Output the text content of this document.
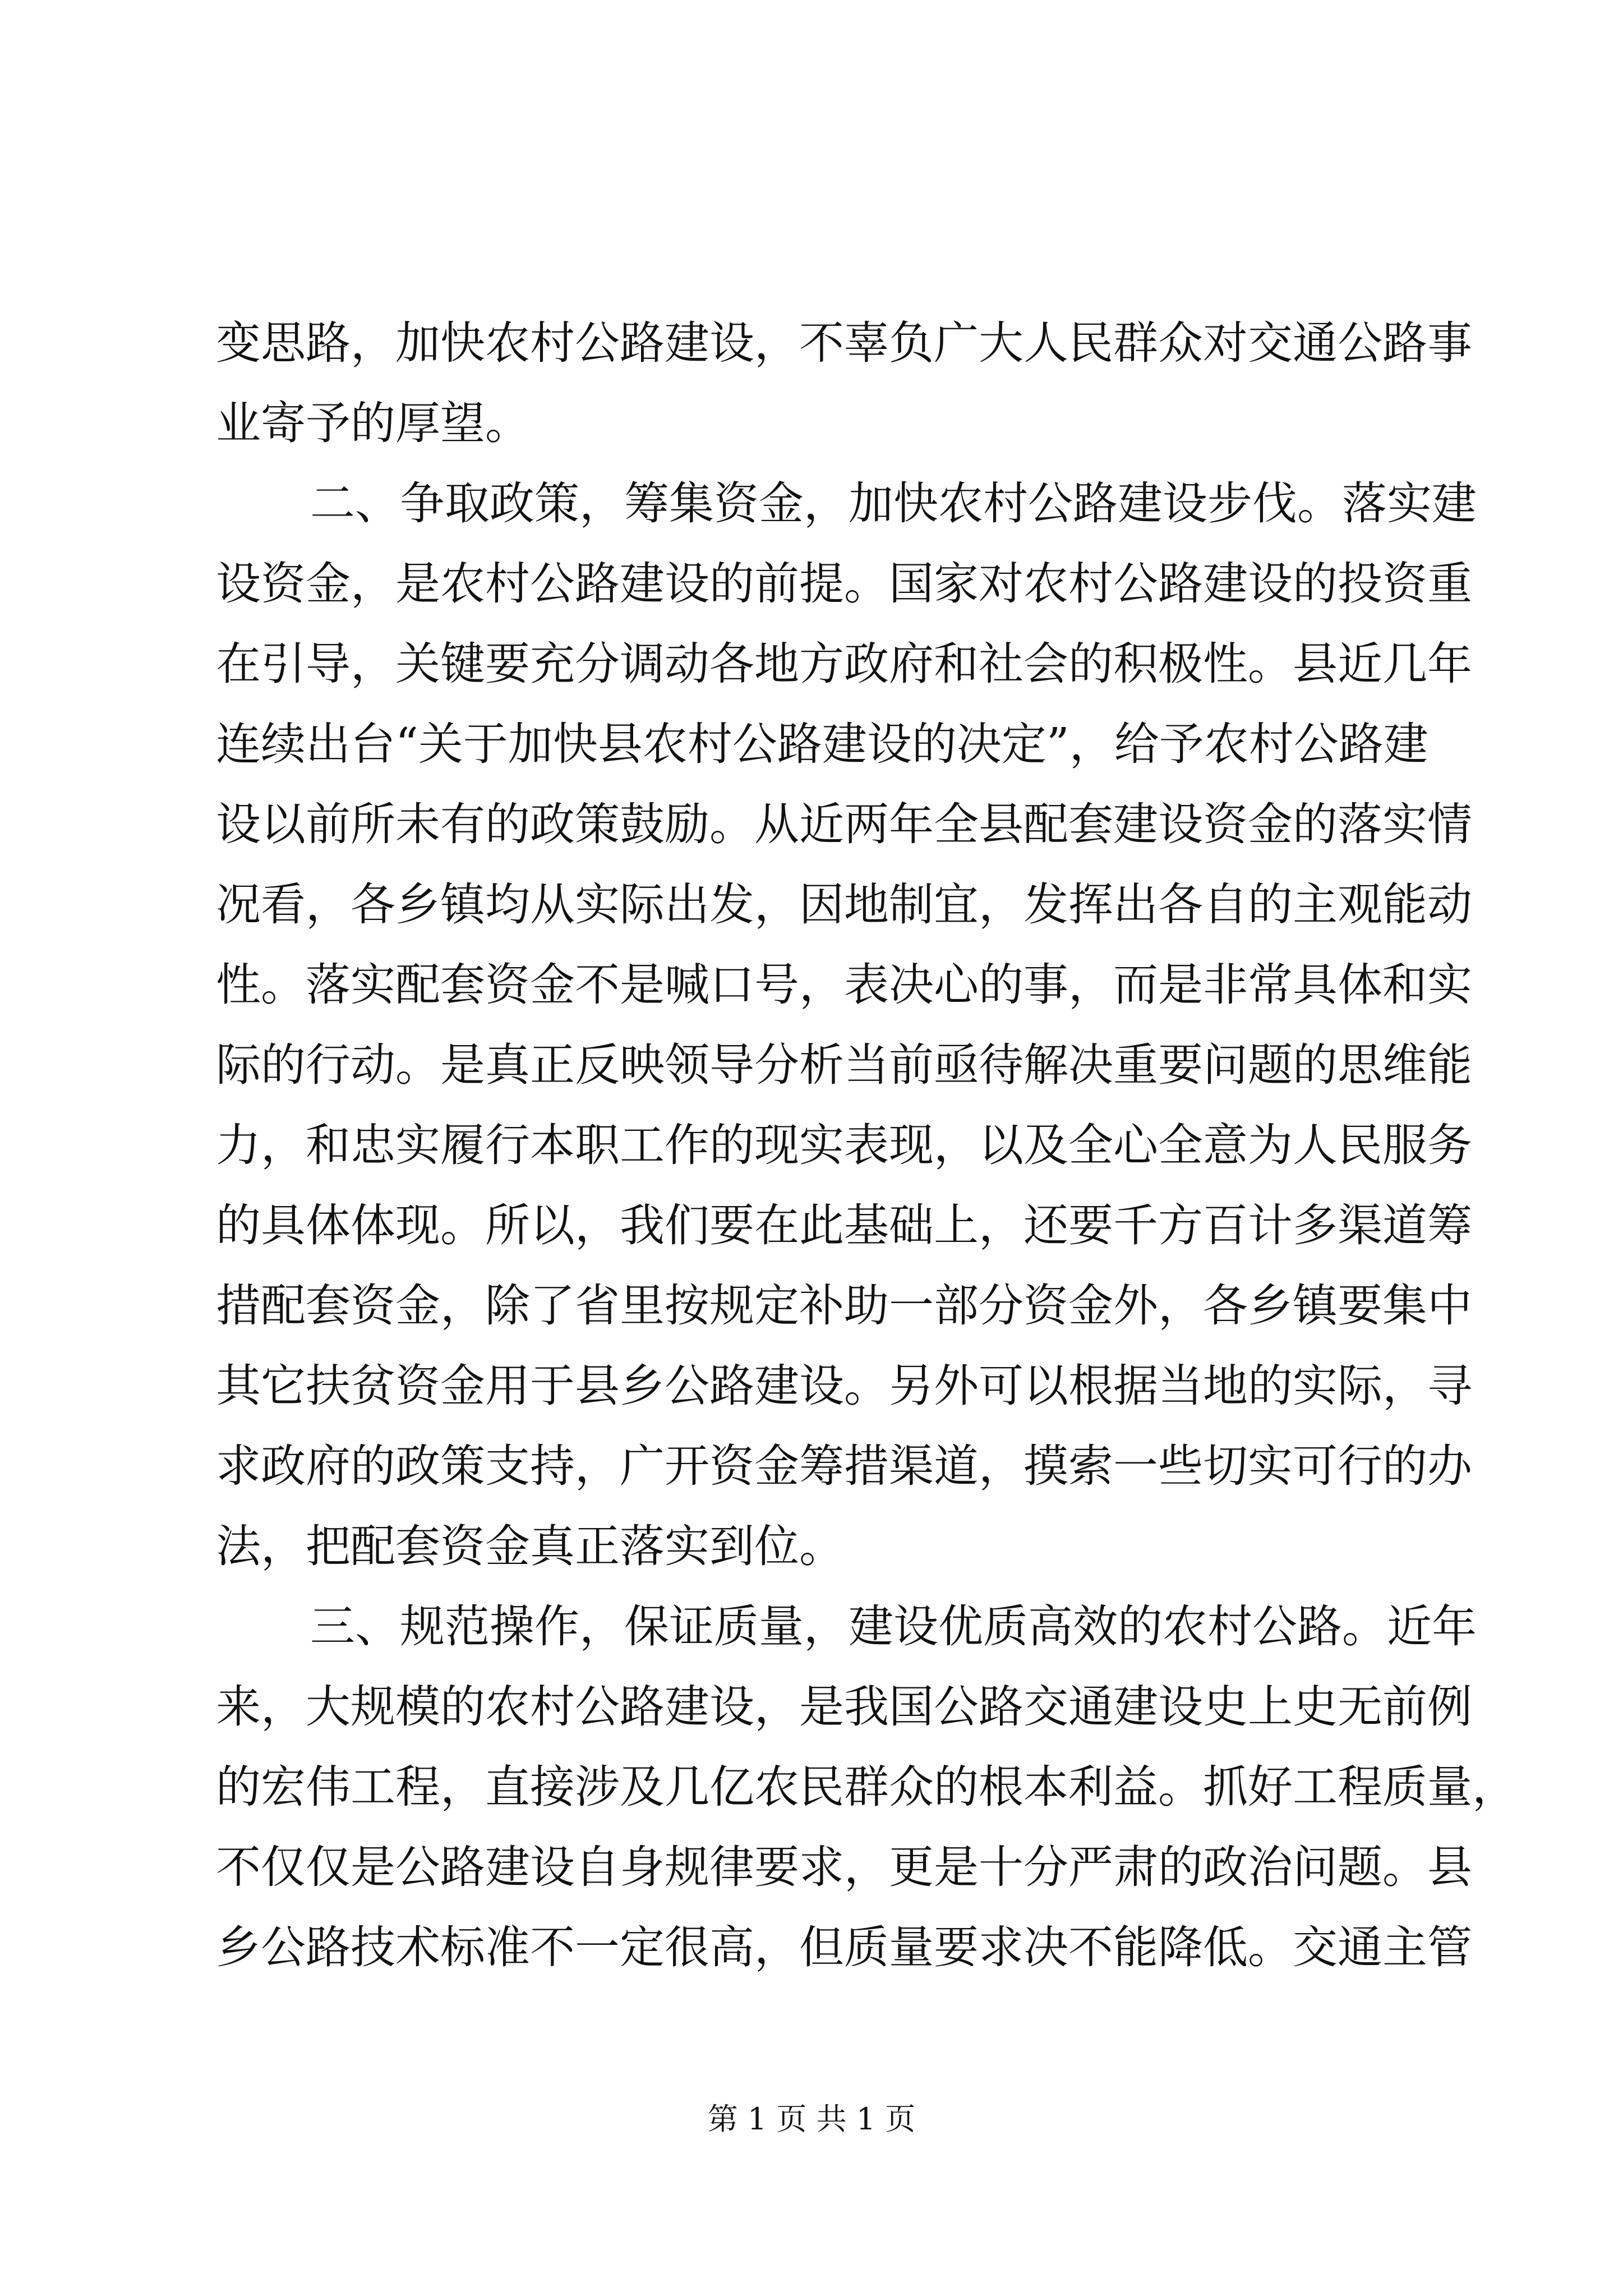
变思路，加快农村公路建设，不辜负广大人民群众对交通公路事
业寄予的厚望。
二、争取政策，筹集资金，加快农村公路建设步伐。落实建
设资金，是农村公路建设的前提。国家对农村公路建设的投资重
在引导，关键要充分调动各地方政府和社会的积极性。县近几年
连续出台“关于加快县农村公路建设的决定”，给予农村公路建
设以前所未有的政策鼓励。从近两年全县配套建设资金的落实情
况看，各乡镇均从实际出发，因地制宜，发挥出各自的主观能动
性。落实配套资金不是喊口号，表决心的事，而是非常具体和实
际的行动。是真正反映领导分析当前亟待解决重要问题的思维能
力，和忠实履行本职工作的现实表现，以及全心全意为人民服务
的具体体现。所以，我们要在此基础上，还要千方百计多渠道筹
措配套资金，除了省里按规定补助一部分资金外，各乡镇要集中
其它扶贫资金用于县乡公路建设。另外可以根据当地的实际，寻
求政府的政策支持，广开资金筹措渠道，摸索一些切实可行的办
法，把配套资金真正落实到位。
三、规范操作，保证质量，建设优质高效的农村公路。近年
来，大规模的农村公路建设，是我国公路交通建设史上史无前例
的宏伟工程，直接涉及几亿农民群众的根本利益。抓好工程质量，
不仅仅是公路建设自身规律要求，更是十分严肃的政治问题。县
乡公路技术标准不一定很高，但质量要求决不能降低。交通主管
第 1 页 共 1 页
